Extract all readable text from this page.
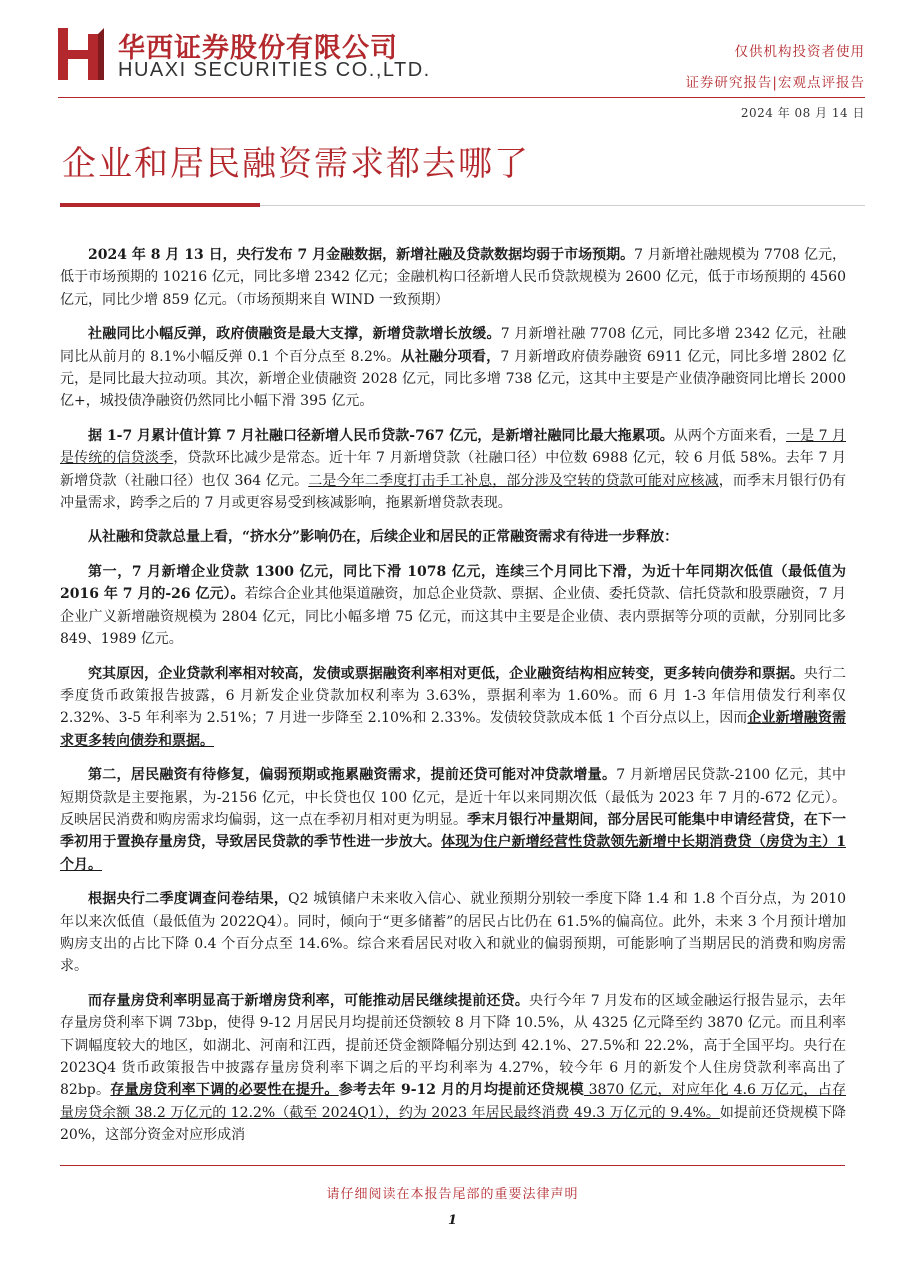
华西证券股份有限公司
HUAXI SECURITIES CO.,LTD.
仅供机构投资者使用
证券研究报告|宏观点评报告
2024 年 08 月 14 日
企业和居民融资需求都去哪了

2024 年 8 月 13 日，央行发布 7 月金融数据，新增社融及贷款数据均弱于市场预期。7 月新增社融规模为 7708 亿元，低于市场预期的 10216 亿元，同比多增 2342 亿元；金融机构口径新增人民币贷款规模为 2600 亿元，低于市场预期的 4560 亿元，同比少增 859 亿元。（市场预期来自 WIND 一致预期）

社融同比小幅反弹，政府债融资是最大支撑，新增贷款增长放缓。7 月新增社融 7708 亿元，同比多增 2342 亿元，社融同比从前月的 8.1%小幅反弹 0.1 个百分点至 8.2%。从社融分项看，7 月新增政府债券融资 6911 亿元，同比多增 2802 亿元，是同比最大拉动项。其次，新增企业债融资 2028 亿元，同比多增 738 亿元，这其中主要是产业债净融资同比增长 2000 亿+，城投债净融资仍然同比小幅下滑 395 亿元。

据 1-7 月累计值计算 7 月社融口径新增人民币贷款-767 亿元，是新增社融同比最大拖累项。从两个方面来看，一是 7 月是传统的信贷淡季，贷款环比减少是常态。近十年 7 月新增贷款（社融口径）中位数 6988 亿元，较 6 月低 58%。去年 7 月新增贷款（社融口径）也仅 364 亿元。二是今年二季度打击手工补息，部分涉及空转的贷款可能对应核减，而季末月银行仍有冲量需求，跨季之后的 7 月或更容易受到核减影响，拖累新增贷款表现。

从社融和贷款总量上看，“挤水分”影响仍在，后续企业和居民的正常融资需求有待进一步释放：

第一，7 月新增企业贷款 1300 亿元，同比下滑 1078 亿元，连续三个月同比下滑，为近十年同期次低值（最低值为 2016 年 7 月的-26 亿元）。若综合企业其他渠道融资，加总企业贷款、票据、企业债、委托贷款、信托贷款和股票融资，7 月企业广义新增融资规模为 2804 亿元，同比小幅多增 75 亿元，而这其中主要是企业债、表内票据等分项的贡献，分别同比多 849、1989 亿元。

究其原因，企业贷款利率相对较高，发债或票据融资利率相对更低，企业融资结构相应转变，更多转向债券和票据。央行二季度货币政策报告披露，6 月新发企业贷款加权利率为 3.63%，票据利率为 1.60%。而 6 月 1-3 年信用债发行利率仅 2.32%、3-5 年利率为 2.51%；7 月进一步降至 2.10%和 2.33%。发债较贷款成本低 1 个百分点以上，因而企业新增融资需求更多转向债券和票据。

第二，居民融资有待修复，偏弱预期或拖累融资需求，提前还贷可能对冲贷款增量。7 月新增居民贷款-2100 亿元，其中短期贷款是主要拖累，为-2156 亿元，中长贷也仅 100 亿元，是近十年以来同期次低（最低为 2023 年 7 月的-672 亿元）。反映居民消费和购房需求均偏弱，这一点在季初月相对更为明显。季末月银行冲量期间，部分居民可能集中申请经营贷，在下一季初用于置换存量房贷，导致居民贷款的季节性进一步放大。体现为住户新增经营性贷款领先新增中长期消费贷（房贷为主）1 个月。

根据央行二季度调查问卷结果，Q2 城镇储户未来收入信心、就业预期分别较一季度下降 1.4 和 1.8 个百分点，为 2010 年以来次低值（最低值为 2022Q4）。同时，倾向于“更多储蓄”的居民占比仍在 61.5%的偏高位。此外，未来 3 个月预计增加购房支出的占比下降 0.4 个百分点至 14.6%。综合来看居民对收入和就业的偏弱预期，可能影响了当期居民的消费和购房需求。

而存量房贷利率明显高于新增房贷利率，可能推动居民继续提前还贷。央行今年 7 月发布的区域金融运行报告显示，去年存量房贷利率下调 73bp，使得 9-12 月居民月均提前还贷额较 8 月下降 10.5%，从 4325 亿元降至约 3870 亿元。而且利率下调幅度较大的地区，如湖北、河南和江西，提前还贷金额降幅分别达到 42.1%、27.5%和 22.2%，高于全国平均。央行在 2023Q4 货币政策报告中披露存量房贷利率下调之后的平均利率为 4.27%，较今年 6 月的新发个人住房贷款利率高出了 82bp。存量房贷利率下调的必要性在提升。参考去年 9-12 月的月均提前还贷规模 3870 亿元，对应年化 4.6 万亿元，占存量房贷余额 38.2 万亿元的 12.2%（截至 2024Q1），约为 2023 年居民最终消费 49.3 万亿元的 9.4%。如提前还贷规模下降 20%，这部分资金对应形成消

请仔细阅读在本报告尾部的重要法律声明
1
